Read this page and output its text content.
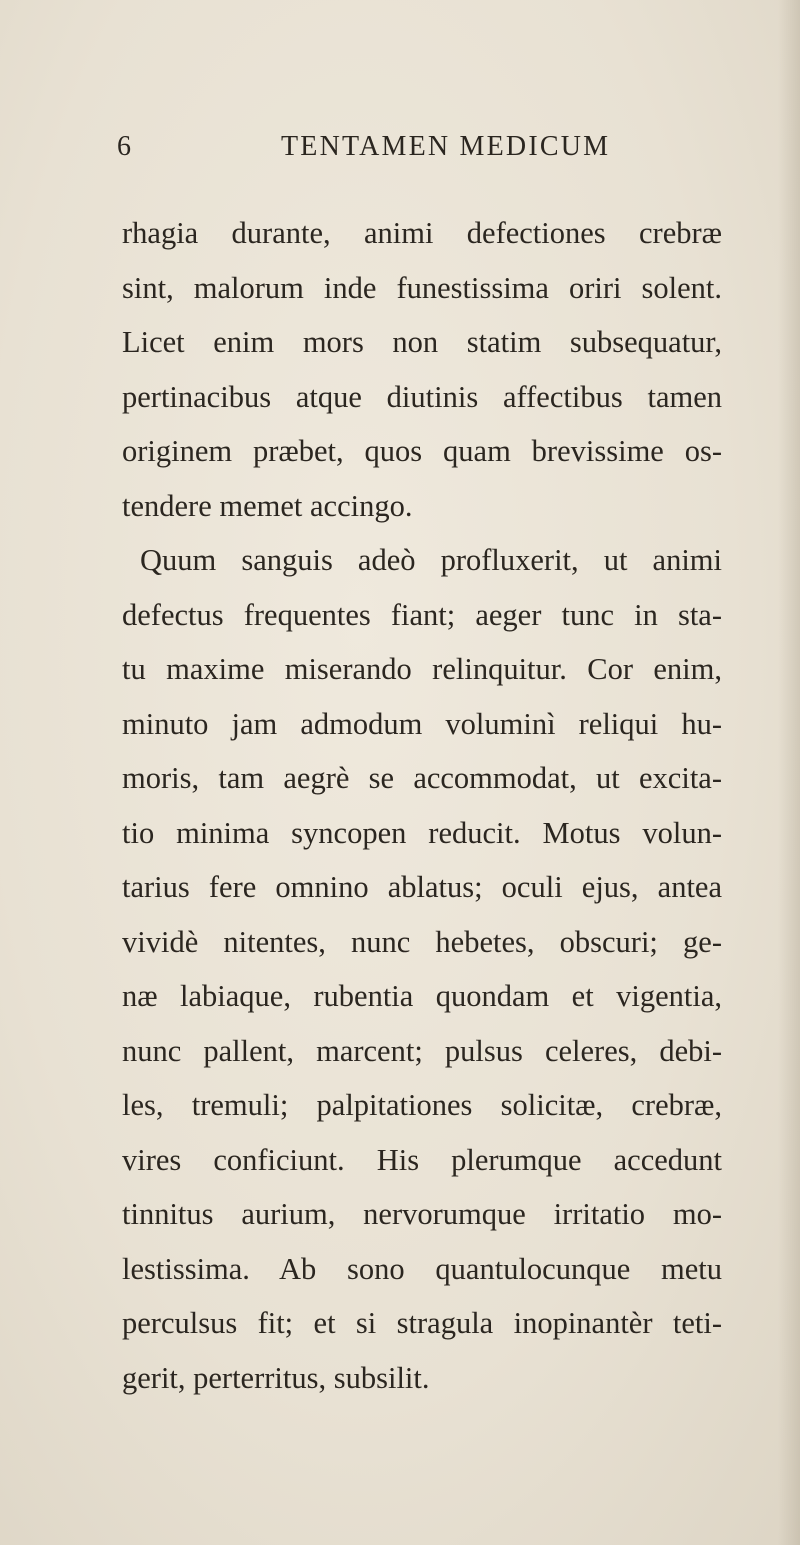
6	TENTAMEN MEDICUM
rhagia durante, animi defectiones crebræ
sint, malorum inde funestissima oriri solent.
Licet enim mors non statim subsequatur,
pertinacibus atque diutinis affectibus tamen
originem præbet, quos quam brevissime os-
tendere memet accingo.
Quum sanguis adeò profluxerit, ut animi
defectus frequentes fiant; aeger tunc in sta-
tu maxime miserando relinquitur. Cor enim,
minuto jam admodum voluminì reliqui hu-
moris, tam aegrè se accommodat, ut excita-
tio minima syncopen reducit. Motus volun-
tarius fere omnino ablatus; oculi ejus, antea
vividè nitentes, nunc hebetes, obscuri; ge-
næ labiaque, rubentia quondam et vigentia,
nunc pallent, marcent; pulsus celeres, debi-
les, tremuli; palpitationes solicitæ, crebræ,
vires conficiunt. His plerumque accedunt
tinnitus aurium, nervorumque irritatio mo-
lestissima. Ab sono quantulocunque metu
perculsus fit; et si stragula inopinantèr teti-
gerit, perterritus, subsilit.
